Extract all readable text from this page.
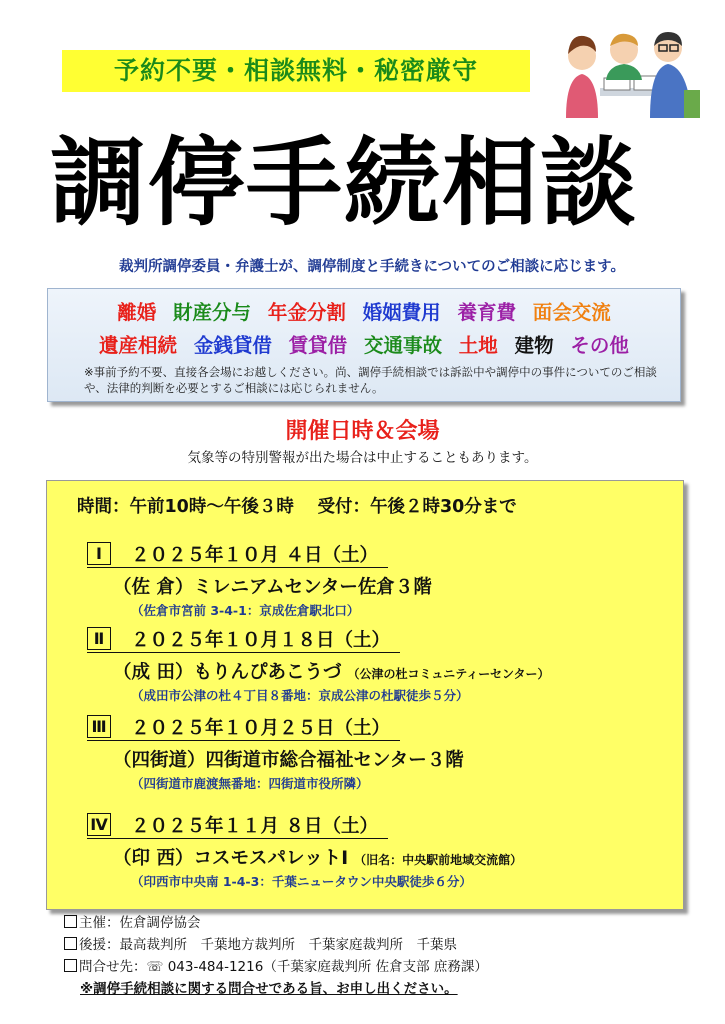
予約不要・相談無料・秘密厳守
調停手続相談
裁判所調停委員・弁護士が、調停制度と手続きについてのご相談に応じます。
離婚 財産分与 年金分割 婚姻費用 養育費 面会交流
遺産相続 金銭貸借 賃貸借 交通事故 土地 建物 その他
※事前予約不要、直接各会場にお越しください。尚、調停手続相談では訴訟中や調停中の事件についてのご相談や、法律的判断を必要とするご相談には応じられません。
開催日時＆会場
気象等の特別警報が出た場合は中止することもあります。
時間：午前10時～午後３時　 受付：午後２時30分まで
Ⅰ ２０２５年１０月 ４日（土）
（佐 倉）ミレニアムセンター佐倉３階
（佐倉市宮前 3-4-1：京成佐倉駅北口）
Ⅱ ２０２５年１０月１８日（土）
（成 田）もりんぴあこうづ （公津の杜コミュニティーセンター）
（成田市公津の杜４丁目８番地：京成公津の杜駅徒歩５分）
Ⅲ ２０２５年１０月２５日（土）
（四街道）四街道市総合福祉センター３階
（四街道市鹿渡無番地：四街道市役所隣）
Ⅳ ２０２５年１１月 ８日（土）
（印 西）コスモスパレットⅠ （旧名：中央駅前地域交流館）
（印西市中央南 1-4-3：千葉ニュータウン中央駅徒歩６分）
主催：佐倉調停協会
後援：最高裁判所　千葉地方裁判所　千葉家庭裁判所　千葉県
問合せ先：☏ 043-484-1216（千葉家庭裁判所 佐倉支部 庶務課）
※調停手続相談に関する問合せである旨、お申し出ください。
